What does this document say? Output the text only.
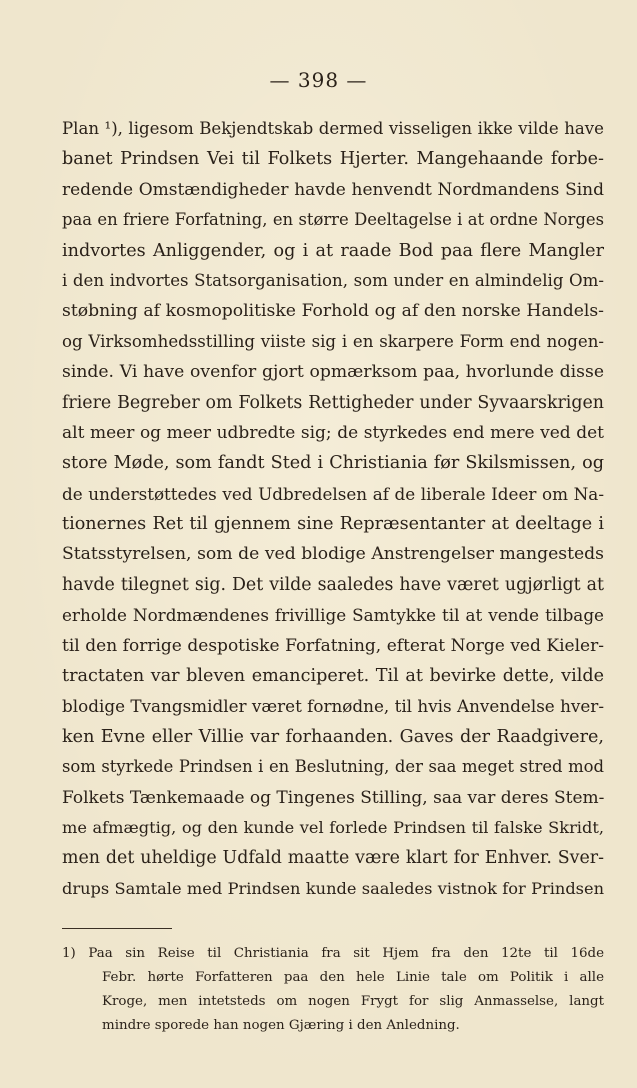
— 398 —
Plan ¹), ligesom Bekjendtskab dermed visseligen ikke vilde have
banet Prindsen Vei til Folkets Hjerter. Mangehaande forbe-
redende Omstændigheder havde henvendt Nordmandens Sind
paa en friere Forfatning, en større Deeltagelse i at ordne Norges
indvortes Anliggender, og i at raade Bod paa flere Mangler
i den indvortes Statsorganisation, som under en almindelig Om-
støbning af kosmopolitiske Forhold og af den norske Handels-
og Virksomhedsstilling viiste sig i en skarpere Form end nogen-
sinde. Vi have ovenfor gjort opmærksom paa, hvorlunde disse
friere Begreber om Folkets Rettigheder under Syvaarskrigen
alt meer og meer udbredte sig; de styrkedes end mere ved det
store Møde, som fandt Sted i Christiania før Skilsmissen, og
de understøttedes ved Udbredelsen af de liberale Ideer om Na-
tionernes Ret til gjennem sine Repræsentanter at deeltage i
Statsstyrelsen, som de ved blodige Anstrengelser mangesteds
havde tilegnet sig. Det vilde saaledes have været ugjørligt at
erholde Nordmændenes frivillige Samtykke til at vende tilbage
til den forrige despotiske Forfatning, efterat Norge ved Kieler-
tractaten var bleven emanciperet. Til at bevirke dette, vilde
blodige Tvangsmidler været fornødne, til hvis Anvendelse hver-
ken Evne eller Villie var forhaanden. Gaves der Raadgivere,
som styrkede Prindsen i en Beslutning, der saa meget stred mod
Folkets Tænkemaade og Tingenes Stilling, saa var deres Stem-
me afmægtig, og den kunde vel forlede Prindsen til falske Skridt,
men det uheldige Udfald maatte være klart for Enhver. Sver-
drups Samtale med Prindsen kunde saaledes vistnok for Prindsen
1) Paa sin Reise til Christiania fra sit Hjem fra den 12te til 16de
Febr. hørte Forfatteren paa den hele Linie tale om Politik i alle
Kroge, men intetsteds om nogen Frygt for slig Anmasselse, langt
mindre sporede han nogen Gjæring i den Anledning.
